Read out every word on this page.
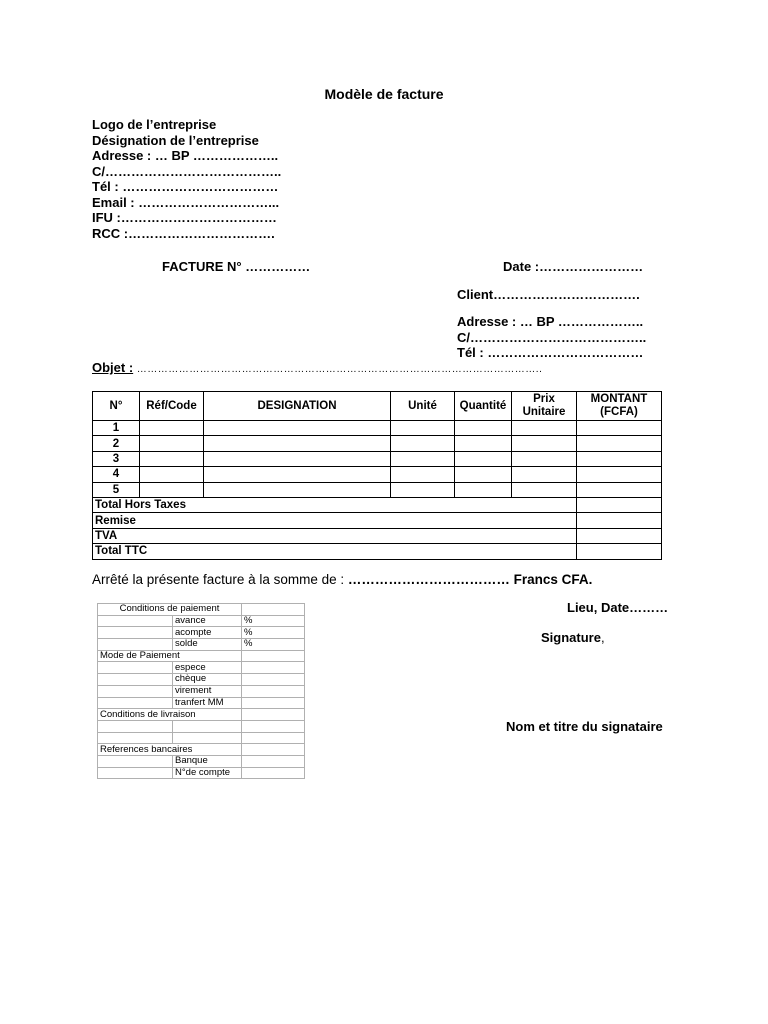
Modèle de facture
Logo de l’entreprise
Désignation de l’entreprise
Adresse : … BP ………………..
C/…………………………………..
Tél : ………………………………
Email : …………………………...
IFU :………………………………
RCC :…………………………….
FACTURE N° ……………	Date :……………………
Client…………………………….
Adresse : … BP ………………..
C/…………………………………..
Tél : ………………………………
Objet : ……………………………………………………………………………………………………..
N°	Réf/Code	DESIGNATION	Unité	Quantité	Prix Unitaire	MONTANT (FCFA)
1						
2						
3						
4						
5						
Total Hors Taxes						
Remise						
TVA						
Total TTC						
Arrêté la présente facture à la somme de : ……………………………… Francs CFA.
Lieu, Date………
Signature,
Nom et titre du signataire
Conditions de paiement		
	avance	%
	acompte	%
	solde	%
Mode de Paiement		
	espece	
	chèque	
	virement	
	tranfert MM	
Conditions de livraison		

References bancaires		
	Banque	
	N°de compte	
